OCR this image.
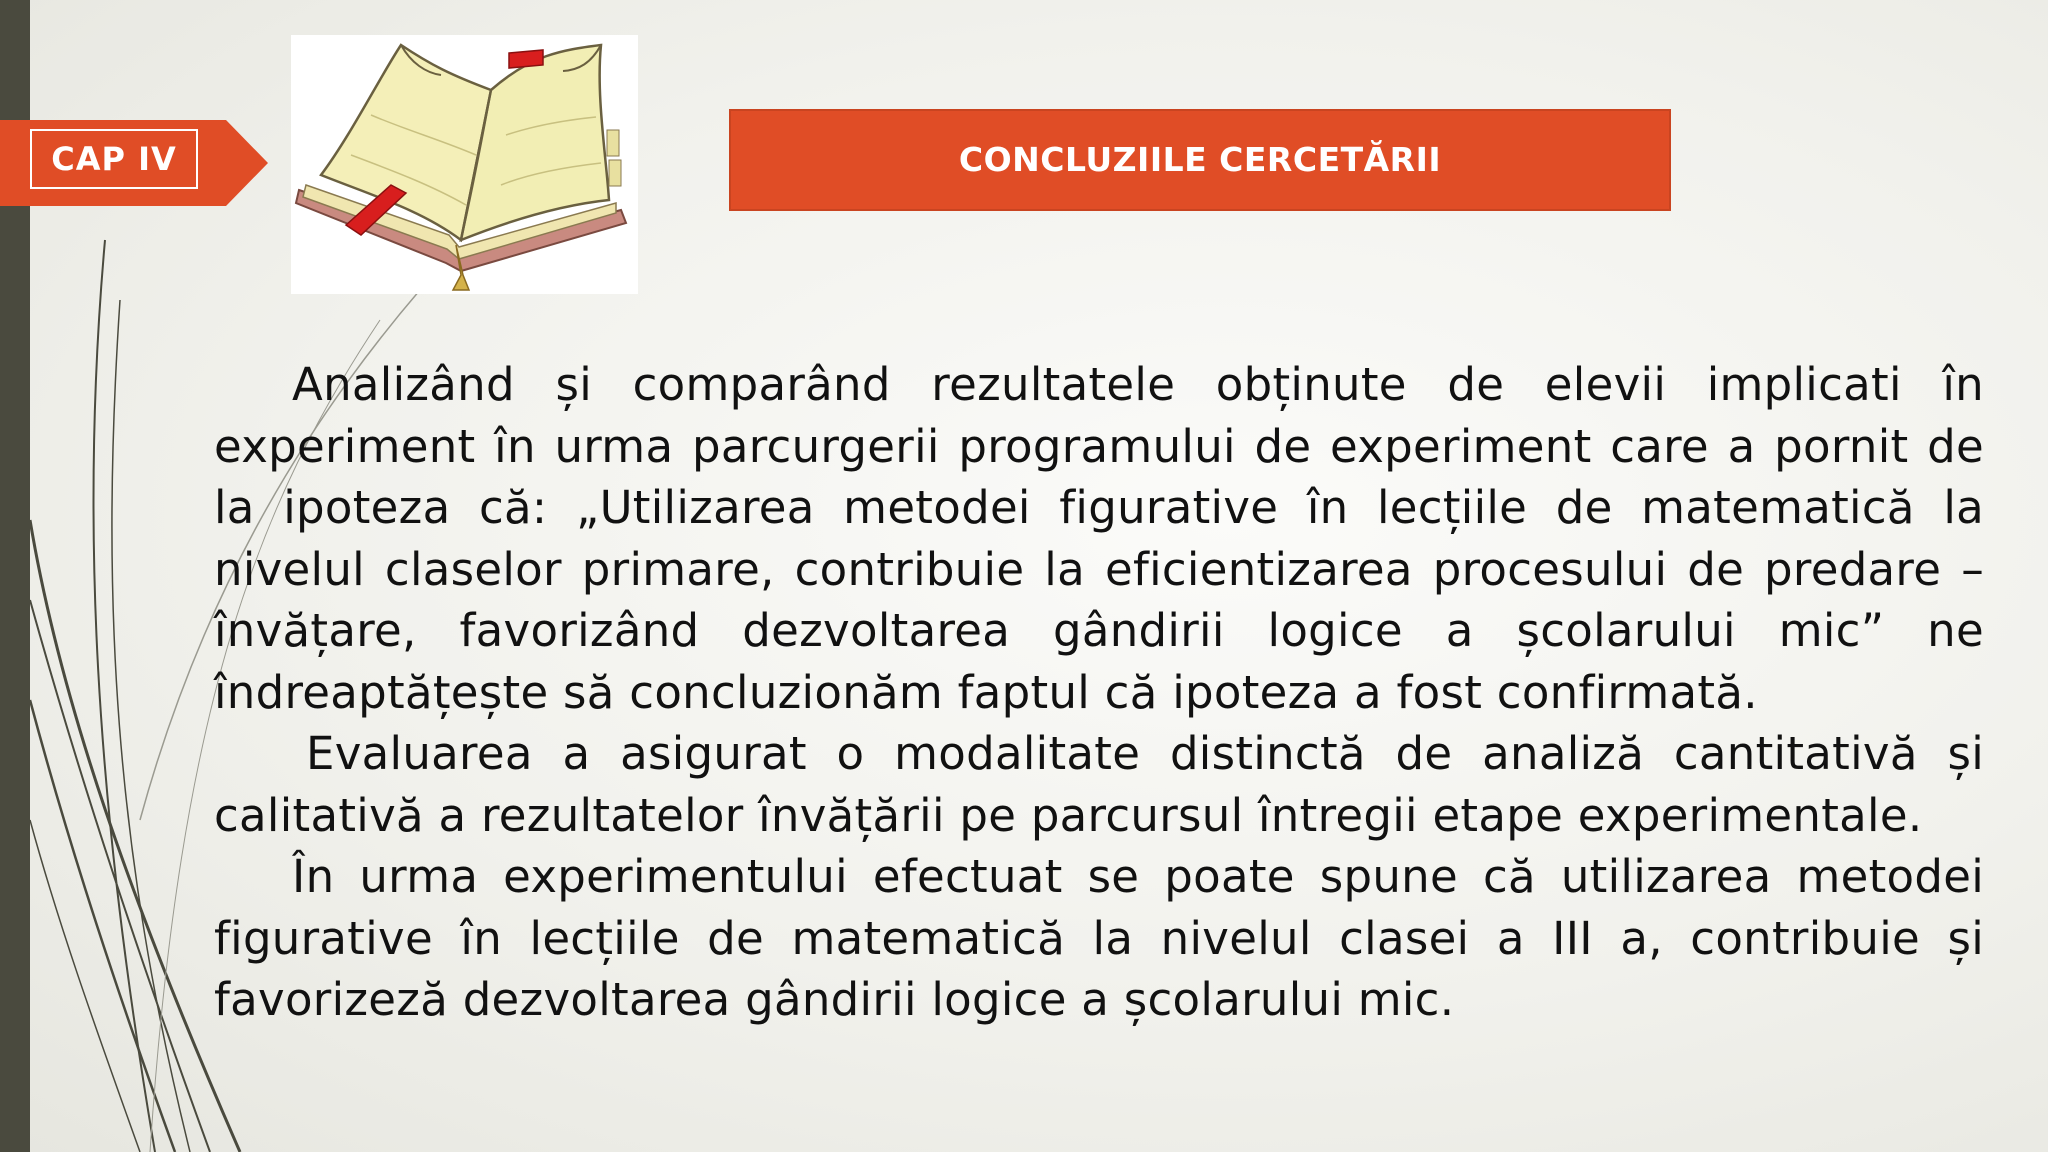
CAP IV	CONCLUZIILE CERCETĂRII

Analizând și comparând rezultatele obținute de elevii implicati în experiment în urma parcurgerii programului de experiment care a pornit de la ipoteza că: „Utilizarea metodei figurative în lecțiile de matematică la nivelul claselor primare, contribuie la eficientizarea procesului de predare – învățare, favorizând dezvoltarea gândirii logice a școlarului mic” ne îndreaptățește să concluzionăm faptul că ipoteza a fost confirmată.

Evaluarea a asigurat o modalitate distinctă de analiză cantitativă și calitativă a rezultatelor învățării pe parcursul întregii etape experimentale.

În urma experimentului efectuat se poate spune că utilizarea metodei figurative în lecțiile de matematică la nivelul clasei a III a, contribuie și favorizeză dezvoltarea gândirii logice a școlarului mic.
